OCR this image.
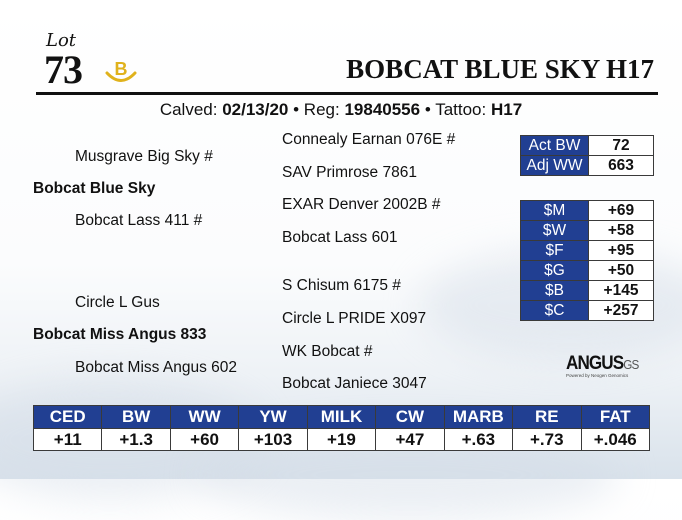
Lot
73 B	BOBCAT BLUE SKY H17
Calved: 02/13/20 • Reg: 19840556 • Tattoo: H17
Connealy Earnan 076E #
Musgrave Big Sky #
SAV Primrose 7861
Bobcat Blue Sky
EXAR Denver 2002B #
Bobcat Lass 411 #
Bobcat Lass 601
S Chisum 6175 #
Circle L Gus
Circle L PRIDE X097
Bobcat Miss Angus 833
WK Bobcat #
Bobcat Miss Angus 602
Bobcat Janiece 3047
Act BW	72
Adj WW	663
$M	+69
$W	+58
$F	+95
$G	+50
$B	+145
$C	+257
ANGUSGS
Powered by Neogen Genomics
CED	BW	WW	YW	MILK	CW	MARB	RE	FAT
+11	+1.3	+60	+103	+19	+47	+.63	+.73	+.046
